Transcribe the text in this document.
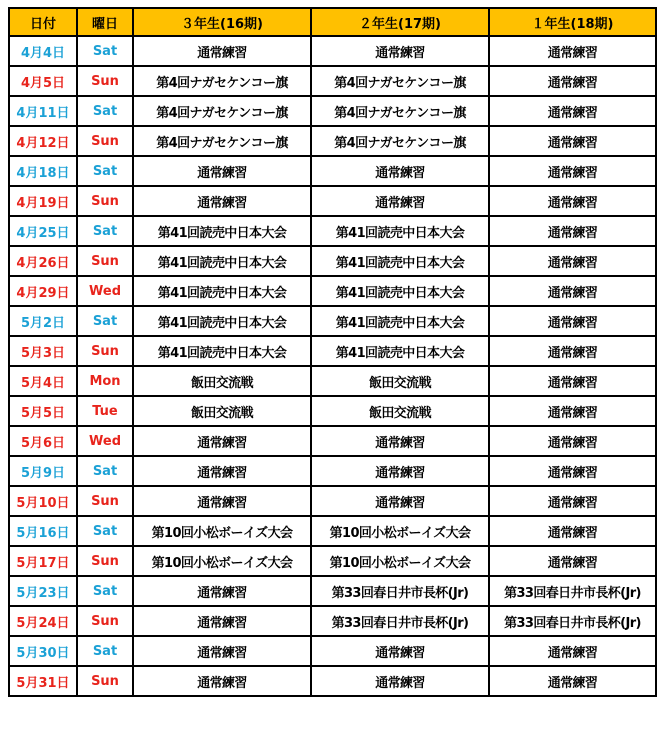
日付	曜日	３年生(16期)	２年生(17期)	１年生(18期)
4月4日	Sat	通常練習	通常練習	通常練習
4月5日	Sun	第4回ナガセケンコー旗	第4回ナガセケンコー旗	通常練習
4月11日	Sat	第4回ナガセケンコー旗	第4回ナガセケンコー旗	通常練習
4月12日	Sun	第4回ナガセケンコー旗	第4回ナガセケンコー旗	通常練習
4月18日	Sat	通常練習	通常練習	通常練習
4月19日	Sun	通常練習	通常練習	通常練習
4月25日	Sat	第41回読売中日本大会	第41回読売中日本大会	通常練習
4月26日	Sun	第41回読売中日本大会	第41回読売中日本大会	通常練習
4月29日	Wed	第41回読売中日本大会	第41回読売中日本大会	通常練習
5月2日	Sat	第41回読売中日本大会	第41回読売中日本大会	通常練習
5月3日	Sun	第41回読売中日本大会	第41回読売中日本大会	通常練習
5月4日	Mon	飯田交流戦	飯田交流戦	通常練習
5月5日	Tue	飯田交流戦	飯田交流戦	通常練習
5月6日	Wed	通常練習	通常練習	通常練習
5月9日	Sat	通常練習	通常練習	通常練習
5月10日	Sun	通常練習	通常練習	通常練習
5月16日	Sat	第10回小松ボーイズ大会	第10回小松ボーイズ大会	通常練習
5月17日	Sun	第10回小松ボーイズ大会	第10回小松ボーイズ大会	通常練習
5月23日	Sat	通常練習	第33回春日井市長杯(Jr)	第33回春日井市長杯(Jr)
5月24日	Sun	通常練習	第33回春日井市長杯(Jr)	第33回春日井市長杯(Jr)
5月30日	Sat	通常練習	通常練習	通常練習
5月31日	Sun	通常練習	通常練習	通常練習
